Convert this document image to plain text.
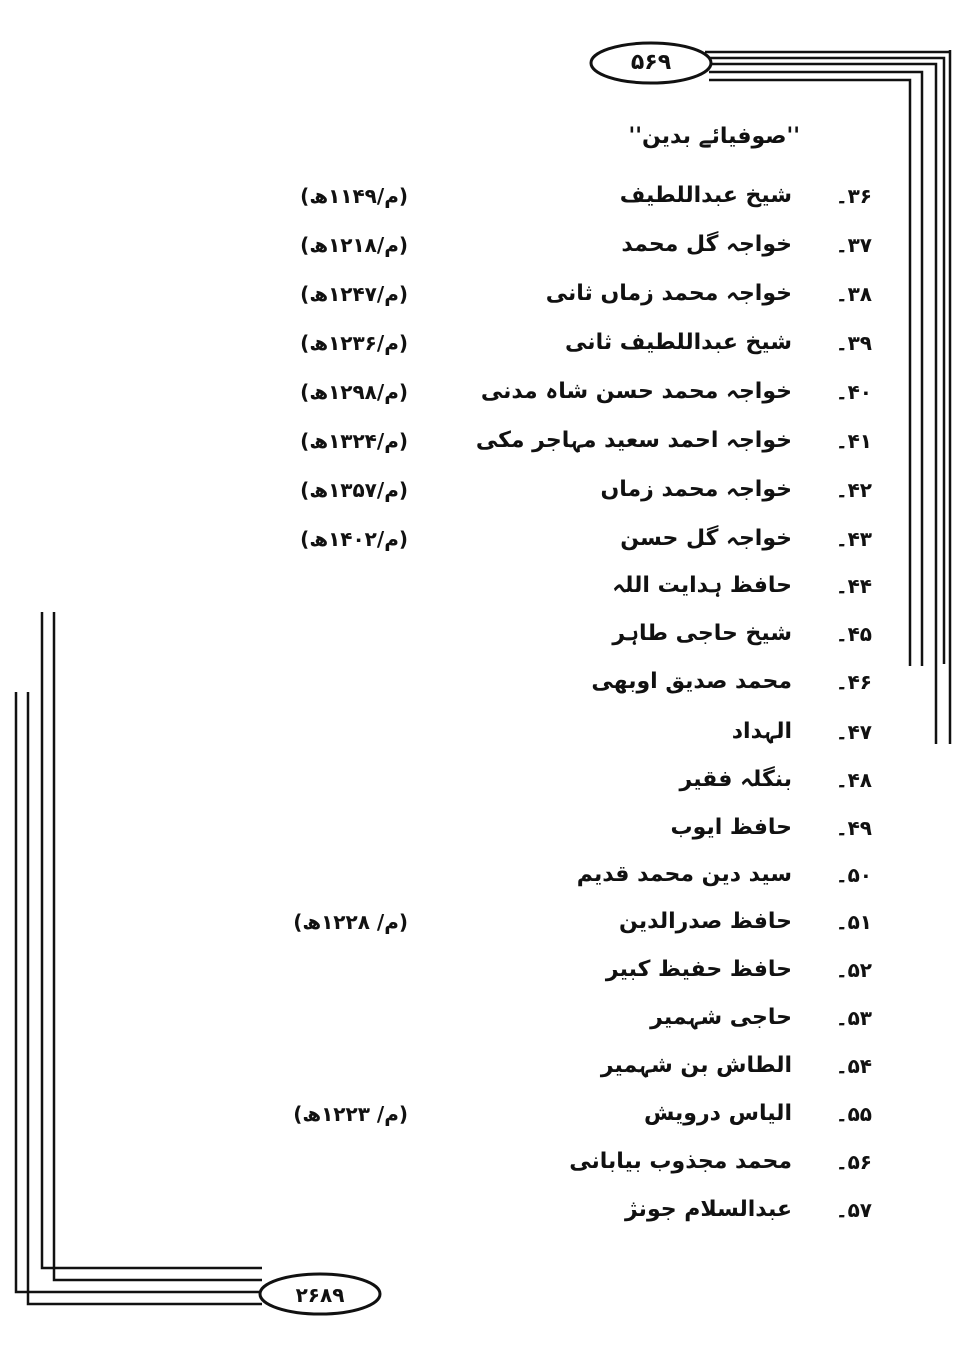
۵۶۹
۲۶۸۹
''صوفیائے بدین''
۳۶۔
شیخ عبداللطیف
(م/۱۱۴۹ھ)
۳۷۔
خواجہ گل محمد
(م/۱۲۱۸ھ)
۳۸۔
خواجہ محمد زماں ثانی
(م/۱۲۴۷ھ)
۳۹۔
شیخ عبداللطیف ثانی
(م/۱۲۳۶ھ)
۴۰۔
خواجہ محمد حسن شاہ مدنی
(م/۱۲۹۸ھ)
۴۱۔
خواجہ احمد سعید مہاجر مکی
(م/۱۳۲۴ھ)
۴۲۔
خواجہ محمد زماں
(م/۱۳۵۷ھ)
۴۳۔
خواجہ گل حسن
(م/۱۴۰۲ھ)
۴۴۔
حافظ ہدایت اللہ
۴۵۔
شیخ حاجی طاہر
۴۶۔
محمد صدیق اوبھی
۴۷۔
الہداد
۴۸۔
بنگلہ فقیر
۴۹۔
حافظ ایوب
۵۰۔
سید دین محمد قدیم
۵۱۔
حافظ صدرالدین
(م/ ۱۲۲۸ھ)
۵۲۔
حافظ حفیظ کبیر
۵۳۔
حاجی شہمیر
۵۴۔
الطاش بن شہمیر
۵۵۔
الیاس درویش
(م/ ۱۲۲۳ھ)
۵۶۔
محمد مجذوب بیابانی
۵۷۔
عبدالسلام جونژ
